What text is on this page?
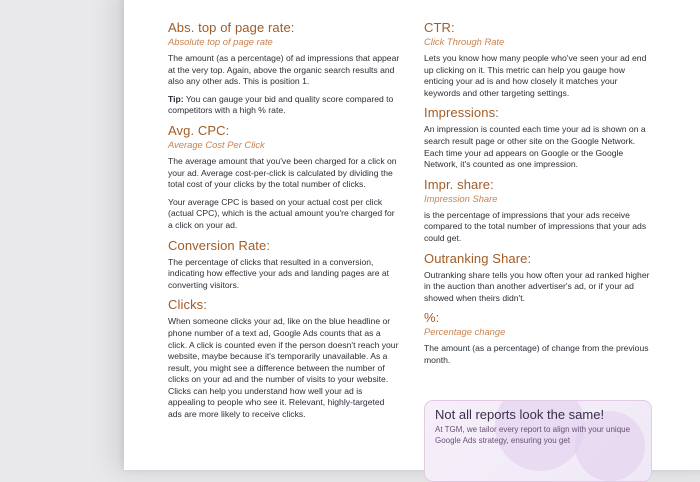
Abs. top of page rate:
Absolute top of page rate

The amount (as a percentage) of ad impressions that appear at the very top. Again, above the organic search results and also any other ads. This is position 1.

Tip: You can gauge your bid and quality score compared to competitors with a high % rate.

Avg. CPC:
Average Cost Per Click

The average amount that you've been charged for a click on your ad. Average cost-per-click is calculated by dividing the total cost of your clicks by the total number of clicks.

Your average CPC is based on your actual cost per click (actual CPC), which is the actual amount you're charged for a click on your ad.

Conversion Rate:

The percentage of clicks that resulted in a conversion, indicating how effective your ads and landing pages are at converting visitors.

Clicks:

When someone clicks your ad, like on the blue headline or phone number of a text ad, Google Ads counts that as a click. A click is counted even if the person doesn't reach your website, maybe because it's temporarily unavailable. As a result, you might see a difference between the number of clicks on your ad and the number of visits to your website. Clicks can help you understand how well your ad is appealing to people who see it. Relevant, highly-targeted ads are more likely to receive clicks.

CTR:
Click Through Rate

Lets you know how many people who've seen your ad end up clicking on it. This metric can help you gauge how enticing your ad is and how closely it matches your keywords and other targeting settings.

Impressions:

An impression is counted each time your ad is shown on a search result page or other site on the Google Network. Each time your ad appears on Google or the Google Network, it's counted as one impression.

Impr. share:
Impression Share

is the percentage of impressions that your ads receive compared to the total number of impressions that your ads could get.

Outranking Share:

Outranking share tells you how often your ad ranked higher in the auction than another advertiser's ad, or if your ad showed when theirs didn't.

%:
Percentage change

The amount (as a percentage) of change from the previous month.

Not all reports look the same!

At TGM, we tailor every report to align with your unique Google Ads strategy, ensuring you get
